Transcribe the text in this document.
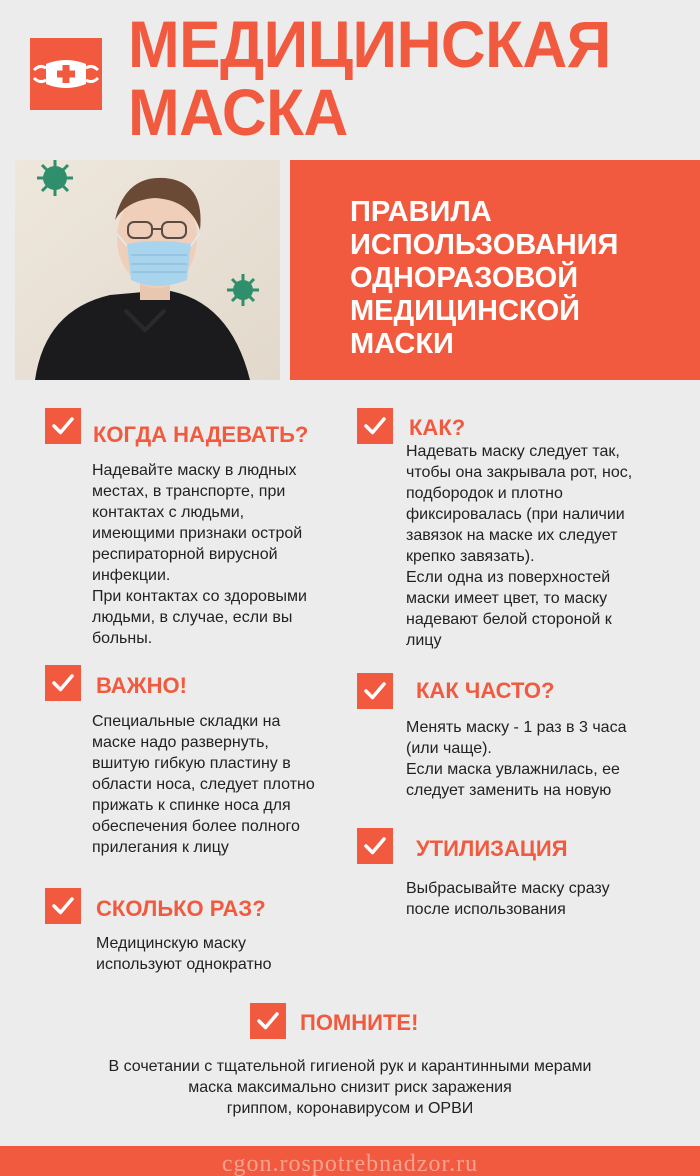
МЕДИЦИНСКАЯ
МАСКА
ПРАВИЛА
ИСПОЛЬЗОВАНИЯ
ОДНОРАЗОВОЙ
МЕДИЦИНСКОЙ
МАСКИ
КОГДА НАДЕВАТЬ?
Надевайте маску в людных
местах, в транспорте, при
контактах с людьми,
имеющими признаки острой
респираторной вирусной
инфекции.
При контактах со здоровыми
людьми, в случае, если вы
больны.
КАК?
Надевать маску следует так,
чтобы она закрывала рот, нос,
подбородок и плотно
фиксировалась (при наличии
завязок на маске их следует
крепко завязать).
Если одна из поверхностей
маски имеет цвет, то маску
надевают белой стороной к
лицу
ВАЖНО!
Специальные складки на
маске надо развернуть,
вшитую гибкую пластину в
области носа, следует плотно
прижать к спинке носа для
обеспечения более полного
прилегания к лицу
КАК ЧАСТО?
Менять маску - 1 раз в 3 часа
(или чаще).
Если маска увлажнилась, ее
следует заменить на новую
УТИЛИЗАЦИЯ
Выбрасывайте маску сразу
после использования
СКОЛЬКО РАЗ?
Медицинскую маску
используют однократно
ПОМНИТЕ!
В сочетании с тщательной гигиеной рук и карантинными мерами
маска максимально снизит риск заражения
гриппом, коронавирусом и ОРВИ
cgon.rospotrebnadzor.ru
